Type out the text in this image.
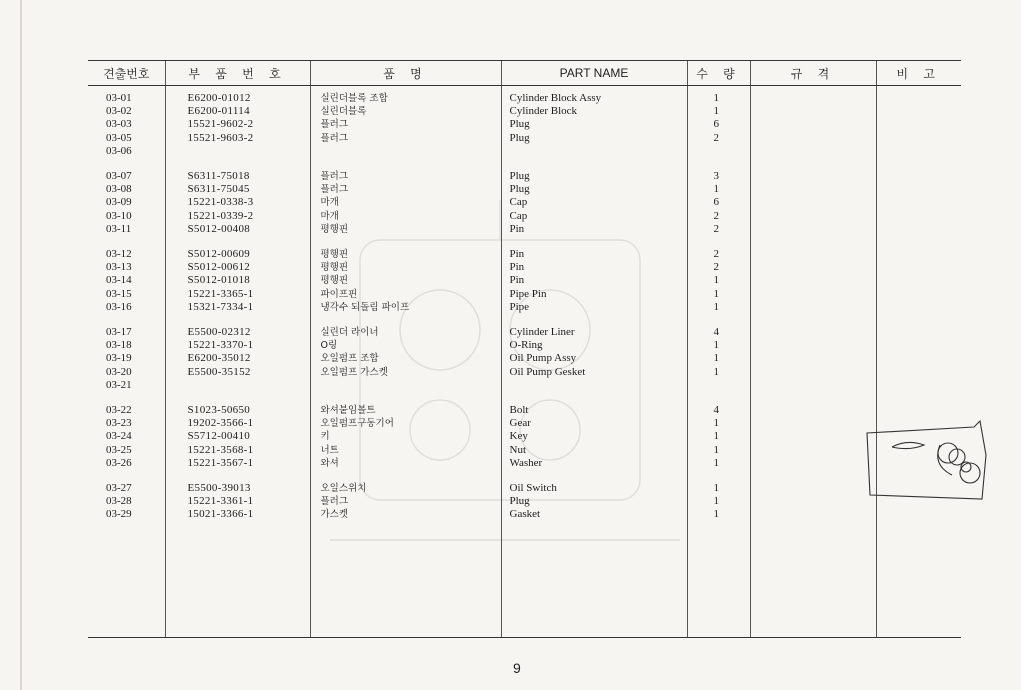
견출번호	부 품 번 호	품 명	PART NAME	수 량	규 격	비 고
03-01	E6200-01012	실린더블록 조합	Cylinder Block Assy	1		
03-02	E6200-01114	실린더블록	Cylinder Block	1		
03-03	15521-9602-2	플러그	Plug	6		
03-05	15521-9603-2	플러그	Plug	2		
03-06						

03-07	S6311-75018	플러그	Plug	3		
03-08	S6311-75045	플러그	Plug	1		
03-09	15221-0338-3	마개	Cap	6		
03-10	15221-0339-2	마개	Cap	2		
03-11	S5012-00408	평행핀	Pin	2		

03-12	S5012-00609	평행핀	Pin	2		
03-13	S5012-00612	평행핀	Pin	2		
03-14	S5012-01018	평행핀	Pin	1		
03-15	15221-3365-1	파이프핀	Pipe Pin	1		
03-16	15321-7334-1	냉각수 되돌림 파이프	Pipe	1		

03-17	E5500-02312	실린더 라이너	Cylinder Liner	4		
03-18	15221-3370-1	O링	O-Ring	1		
03-19	E6200-35012	오일펌프 조합	Oil Pump Assy	1		
03-20	E5500-35152	오일펌프 가스켓	Oil Pump Gesket	1		
03-21						

03-22	S1023-50650	와셔붙임볼트	Bolt	4		
03-23	19202-3566-1	오일펌프구동기어	Gear	1		
03-24	S5712-00410	키	Key	1		
03-25	15221-3568-1	너트	Nut	1		
03-26	15221-3567-1	와셔	Washer	1		

03-27	E5500-39013	오일스위치	Oil Switch	1		
03-28	15221-3361-1	플러그	Plug	1		
03-29	15021-3366-1	가스켓	Gasket	1		

9
